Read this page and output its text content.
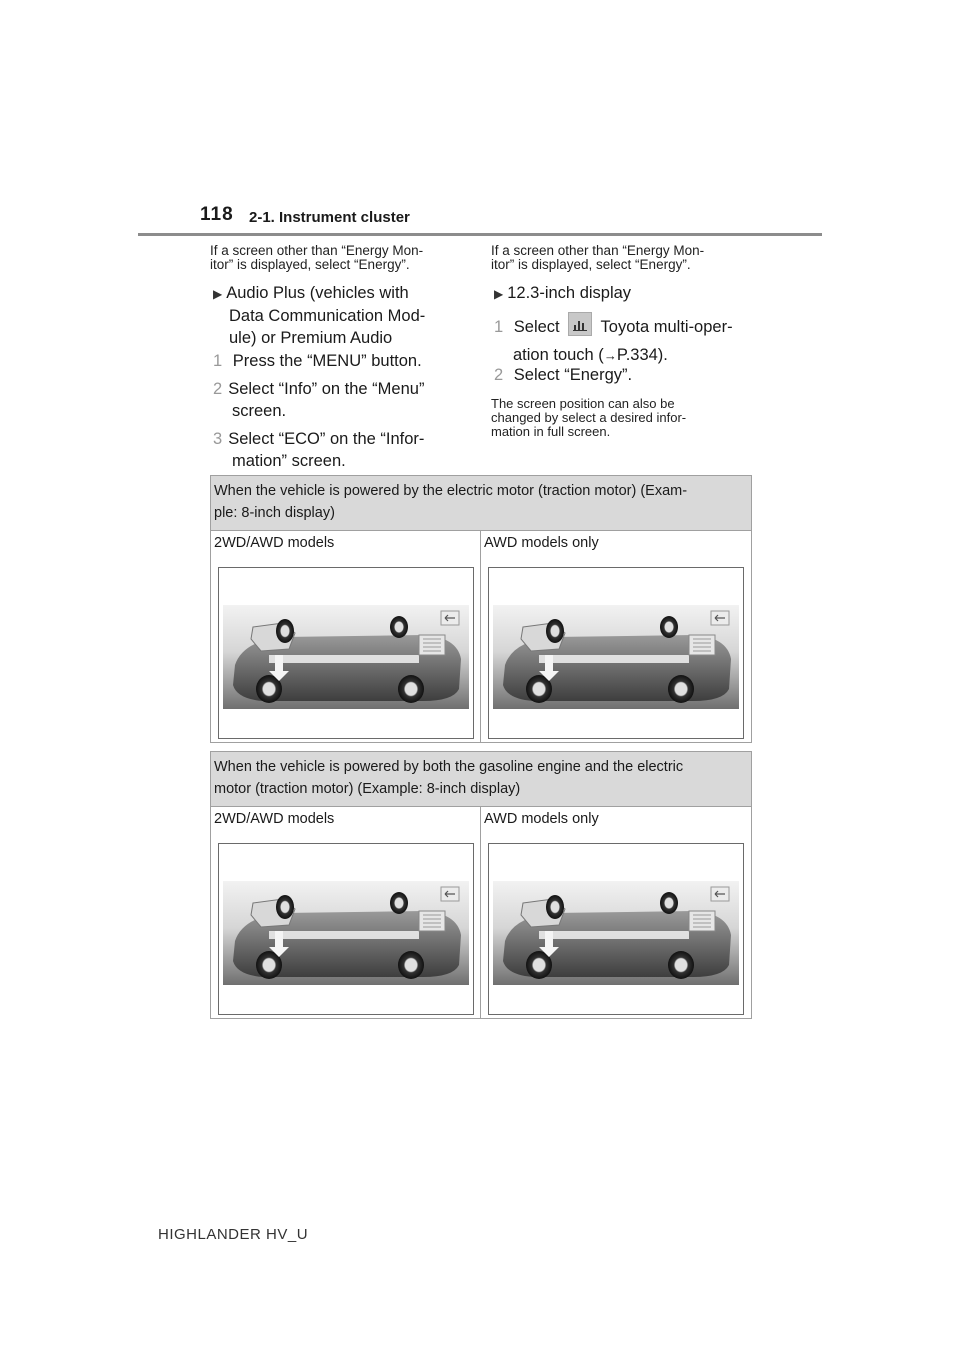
118 2-1. Instrument cluster
If a screen other than “Energy Mon-
itor” is displayed, select “Energy”.
▶ Audio Plus (vehicles with
Data Communication Mod-
ule) or Premium Audio
1 Press the “MENU” button.
2 Select “Info” on the “Menu”
screen.
3 Select “ECO” on the “Infor-
mation” screen.
If a screen other than “Energy Mon-
itor” is displayed, select “Energy”.
▶ 12.3-inch display
1 Select Toyota multi-oper-
ation touch (→P.334).
2 Select “Energy”.
The screen position can also be
changed by select a desired infor-
mation in full screen.
When the vehicle is powered by the electric motor (traction motor) (Exam-
ple: 8-inch display)
2WD/AWD models	AWD models only
When the vehicle is powered by both the gasoline engine and the electric
motor (traction motor) (Example: 8-inch display)
2WD/AWD models	AWD models only
HIGHLANDER HV_U
